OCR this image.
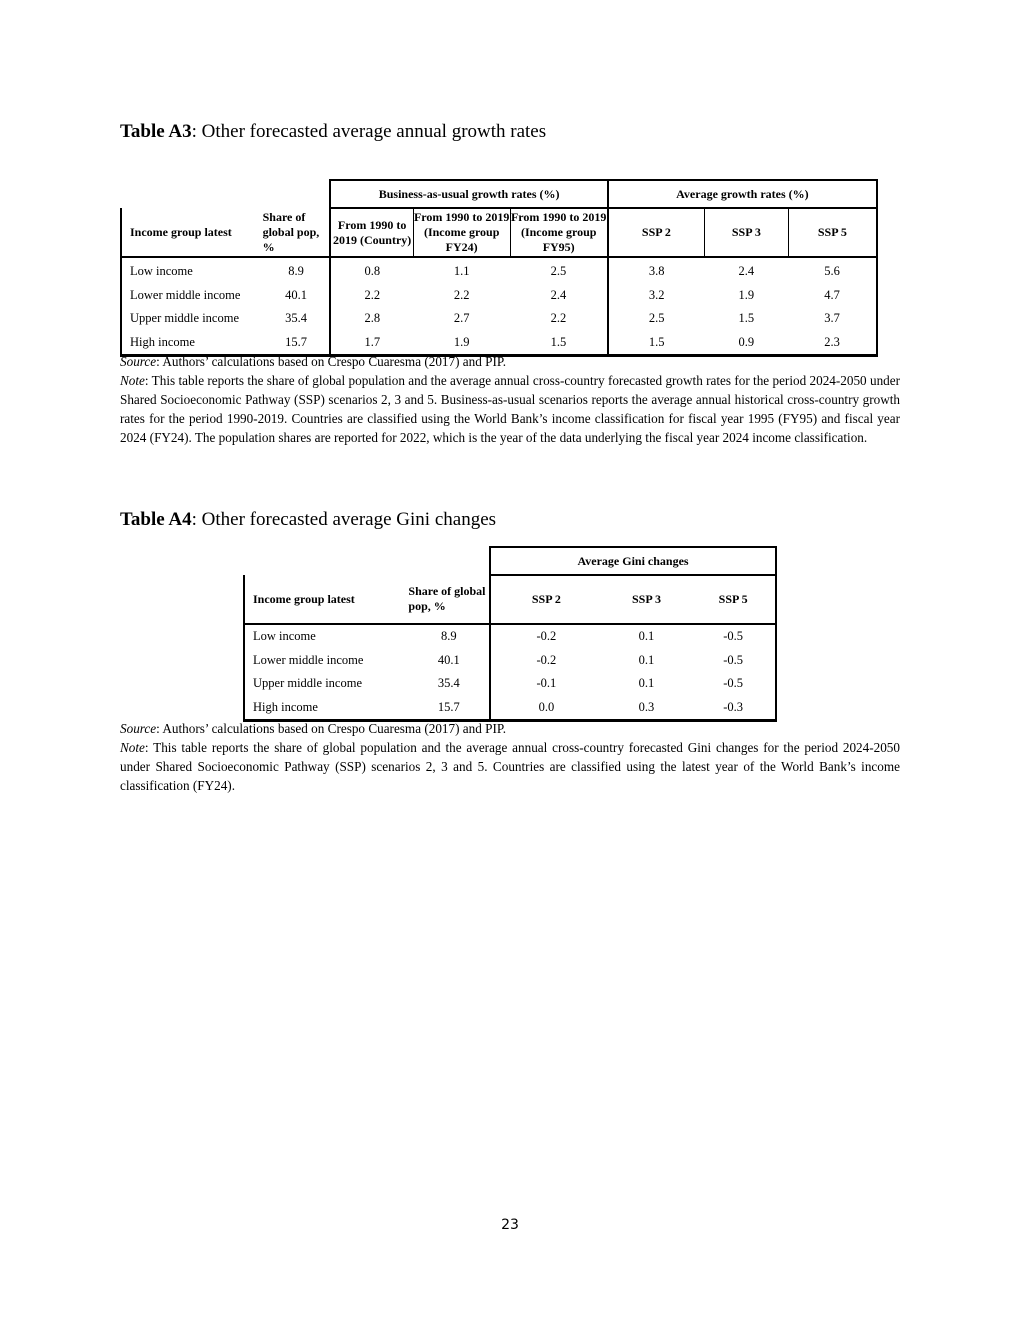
Table A3: Other forecasted average annual growth rates
		Business-as-usual growth rates (%)			Average growth rates (%)		
Income group latest	Share of global pop, %	From 1990 to 2019 (Country)	From 1990 to 2019 (Income group FY24)	From 1990 to 2019 (Income group FY95)	SSP 2	SSP 3	SSP 5
Low income	8.9	0.8	1.1	2.5	3.8	2.4	5.6
Lower middle income	40.1	2.2	2.2	2.4	3.2	1.9	4.7
Upper middle income	35.4	2.8	2.7	2.2	2.5	1.5	3.7
High income	15.7	1.7	1.9	1.5	1.5	0.9	2.3

Source: Authors’ calculations based on Crespo Cuaresma (2017) and PIP.

Note: This table reports the share of global population and the average annual cross-country forecasted growth rates for the period 2024-2050 under Shared Socioeconomic Pathway (SSP) scenarios 2, 3 and 5. Business-as-usual scenarios reports the average annual historical cross-country growth rates for the period 1990-2019. Countries are classified using the World Bank’s income classification for fiscal year 1995 (FY95) and fiscal year 2024 (FY24). The population shares are reported for 2022, which is the year of the data underlying the fiscal year 2024 income classification.

Table A4: Other forecasted average Gini changes
		Average Gini changes		
Income group latest	Share of global pop, %	SSP 2	SSP 3	SSP 5
Low income	8.9	-0.2	0.1	-0.5
Lower middle income	40.1	-0.2	0.1	-0.5
Upper middle income	35.4	-0.1	0.1	-0.5
High income	15.7	0.0	0.3	-0.3

Source: Authors’ calculations based on Crespo Cuaresma (2017) and PIP.

Note: This table reports the share of global population and the average annual cross-country forecasted Gini changes for the period 2024-2050 under Shared Socioeconomic Pathway (SSP) scenarios 2, 3 and 5. Countries are classified using the latest year of the World Bank’s income classification (FY24).

23
